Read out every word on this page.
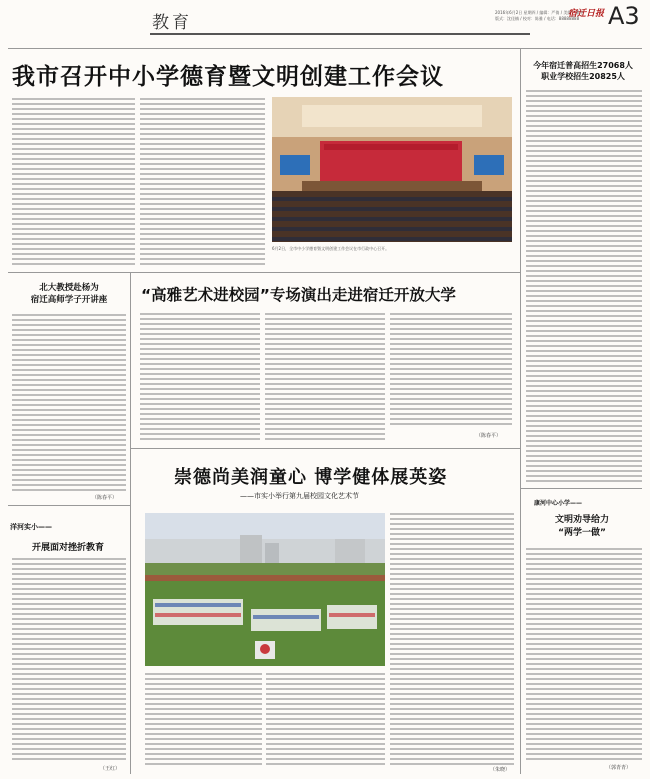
教育
2016年6月2日 星期四 / 编辑：严倩 / 美编：潘冬
版式：沈佳楠 / 校对：陈雅 / 电话：88888888
宿迁日报 A3
我市召开中小学德育暨文明创建工作会议
6月2日，全市中小学德育暨文明创建工作会议在市行政中心召开。
今年宿迁普高招生27068人
职业学校招生20825人
北大教授赴杨为
宿迁高师学子开讲座
（陈春平）
“高雅艺术进校园”专场演出走进宿迁开放大学
（陈春平）
崇德尚美润童心 博学健体展英姿
——市实小举行第九届校园文化艺术节
（朱晓）
洋河实小——
开展面对挫折教育
（王红）
康河中心小学——
文明劝导给力
“两学一做”
（郭青青）
